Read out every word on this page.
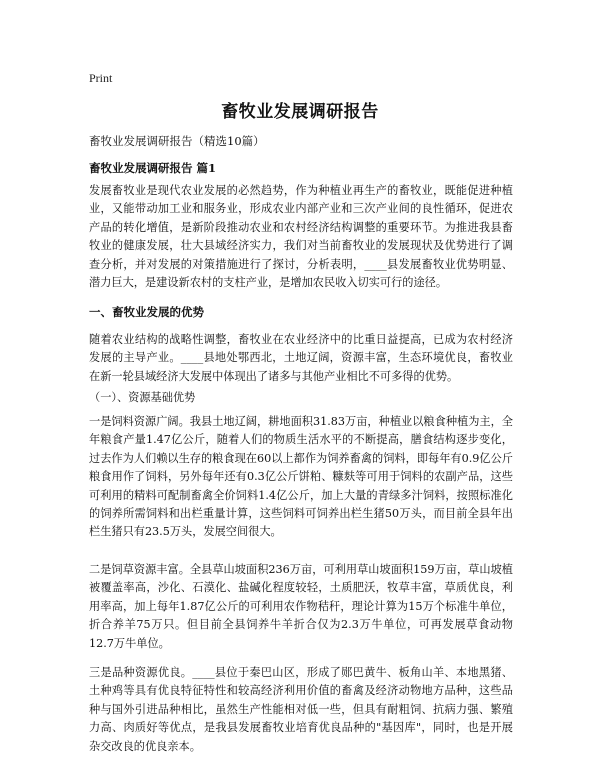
Print
畜牧业发展调研报告

畜牧业发展调研报告（精选10篇）

畜牧业发展调研报告 篇1

发展畜牧业是现代农业发展的必然趋势，作为种植业再生产的畜牧业，既能促进种植业，又能带动加工业和服务业，形成农业内部产业和三次产业间的良性循环，促进农产品的转化增值，是新阶段推动农业和农村经济结构调整的重要环节。为推进我县畜牧业的健康发展，壮大县域经济实力，我们对当前畜牧业的发展现状及优势进行了调查分析，并对发展的对策措施进行了探讨，分析表明，____县发展畜牧业优势明显、潜力巨大，是建设新农村的支柱产业，是增加农民收入切实可行的途径。

一、畜牧业发展的优势

随着农业结构的战略性调整，畜牧业在农业经济中的比重日益提高，已成为农村经济发展的主导产业。____县地处鄂西北，土地辽阔，资源丰富，生态环境优良，畜牧业在新一轮县域经济大发展中体现出了诸多与其他产业相比不可多得的优势。

（一）、资源基础优势

一是饲料资源广阔。我县土地辽阔，耕地面积31.83万亩，种植业以粮食种植为主，全年粮食产量1.47亿公斤，随着人们的物质生活水平的不断提高，膳食结构逐步变化，过去作为人们赖以生存的粮食现在60以上都作为饲养畜禽的饲料，即每年有0.9亿公斤粮食用作了饲料，另外每年还有0.3亿公斤饼粕、糠麸等可用于饲料的农副产品，这些可利用的精料可配制畜禽全价饲料1.4亿公斤，加上大量的青绿多汁饲料，按照标准化的饲养所需饲料和出栏重量计算，这些饲料可饲养出栏生猪50万头，而目前全县年出栏生猪只有23.5万头，发展空间很大。

二是饲草资源丰富。全县草山坡面积236万亩，可利用草山坡面积159万亩，草山坡植被覆盖率高，沙化、石漠化、盐碱化程度较轻，土质肥沃，牧草丰富，草质优良，利用率高，加上每年1.87亿公斤的可利用农作物秸秆，理论计算为15万个标准牛单位，折合养羊75万只。但目前全县饲养牛羊折合仅为2.3万牛单位，可再发展草食动物12.7万牛单位。

三是品种资源优良。____县位于秦巴山区，形成了郧巴黄牛、板角山羊、本地黑猪、土种鸡等具有优良特征特性和较高经济利用价值的畜禽及经济动物地方品种，这些品种与国外引进品种相比，虽然生产性能相对低一些，但具有耐粗饲、抗病力强、繁殖力高、肉质好等优点，是我县发展畜牧业培育优良品种的"基因库"，同时，也是开展杂交改良的优良亲本。
